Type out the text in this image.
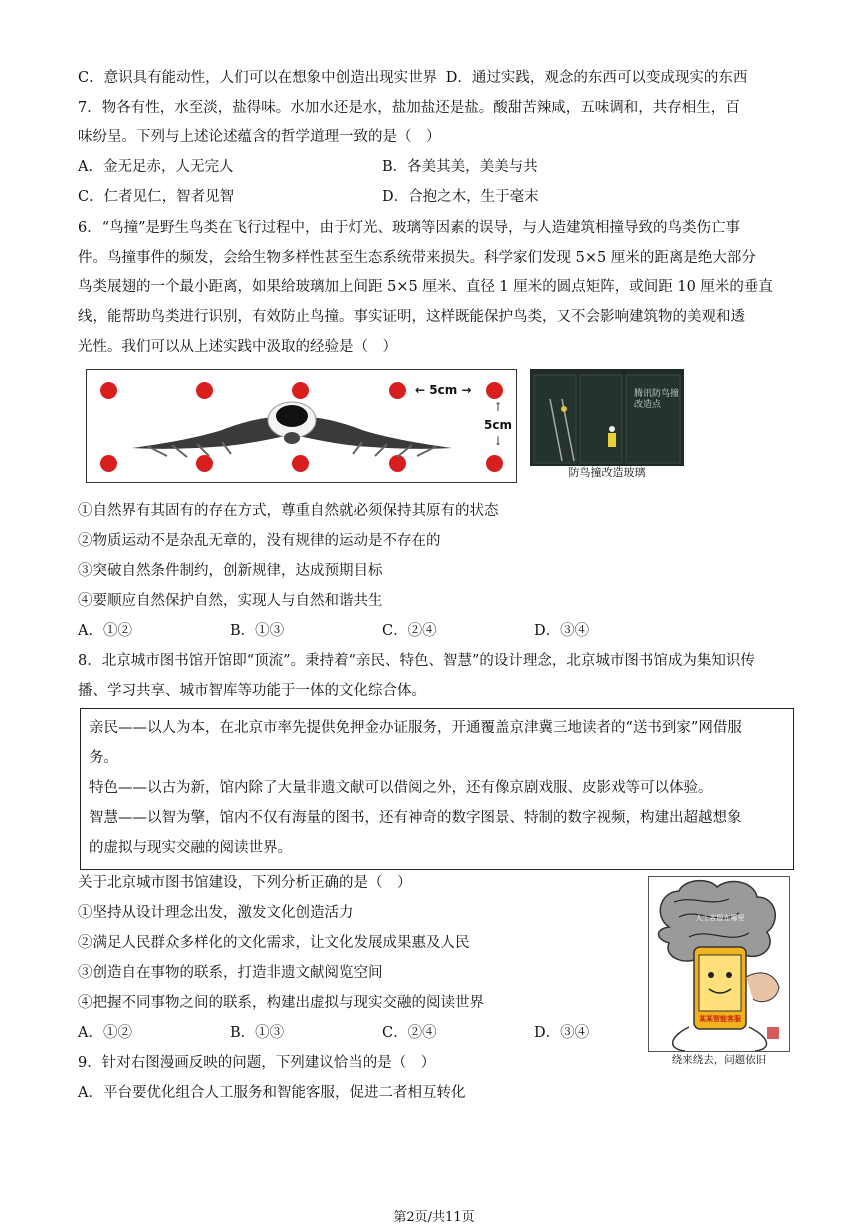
C．意识具有能动性，人们可以在想象中创造出现实世界 D．通过实践，观念的东西可以变成现实的东西
7．物各有性，水至淡，盐得味。水加水还是水，盐加盐还是盐。酸甜苦辣咸，五味调和，共存相生，百
味纷呈。下列与上述论述蕴含的哲学道理一致的是（　）
A．金无足赤，人无完人	B．各美其美，美美与共
C．仁者见仁，智者见智	D．合抱之木，生于毫末
6．“鸟撞”是野生鸟类在飞行过程中，由于灯光、玻璃等因素的误导，与人造建筑相撞导致的鸟类伤亡事
件。鸟撞事件的频发，会给生物多样性甚至生态系统带来损失。科学家们发现 5×5 厘米的距离是绝大部分
鸟类展翅的一个最小距离，如果给玻璃加上间距 5×5 厘米、直径 1 厘米的圆点矩阵，或间距 10 厘米的垂直
线，能帮助鸟类进行识别，有效防止鸟撞。事实证明，这样既能保护鸟类，又不会影响建筑物的美观和透
光性。我们可以从上述实践中汲取的经验是（　）
← 5cm →
↑
5cm
↓
腾讯防鸟撞
改造点
防鸟撞改造玻璃
①自然界有其固有的存在方式，尊重自然就必须保持其原有的状态
②物质运动不是杂乱无章的，没有规律的运动是不存在的
③突破自然条件制约，创新规律，达成预期目标
④要顺应自然保护自然，实现人与自然和谐共生
A．①②	B．①③	C．②④	D．③④
8．北京城市图书馆开馆即“顶流”。秉持着“亲民、特色、智慧”的设计理念，北京城市图书馆成为集知识传
播、学习共享、城市智库等功能于一体的文化综合体。
亲民——以人为本，在北京市率先提供免押金办证服务，开通覆盖京津冀三地读者的“送书到家”网借服
务。
特色——以古为新，馆内除了大量非遗文献可以借阅之外，还有像京剧戏服、皮影戏等可以体验。
智慧——以智为擎，馆内不仅有海量的图书，还有神奇的数字图景、特制的数字视频，构建出超越想象
的虚拟与现实交融的阅读世界。
关于北京城市图书馆建设，下列分析正确的是（　）
①坚持从设计理念出发，激发文化创造活力
②满足人民群众多样化的文化需求，让文化发展成果惠及人民
③创造自在事物的联系，打造非遗文献阅览空间
④把握不同事物之间的联系，构建出虚拟与现实交融的阅读世界
A．①②	B．①③	C．②④	D．③④
某某智能客服
人工客服在哪里
绕来绕去，问题依旧
9．针对右图漫画反映的问题，下列建议恰当的是（　）
A．平台要优化组合人工服务和智能客服，促进二者相互转化
第2页/共11页
